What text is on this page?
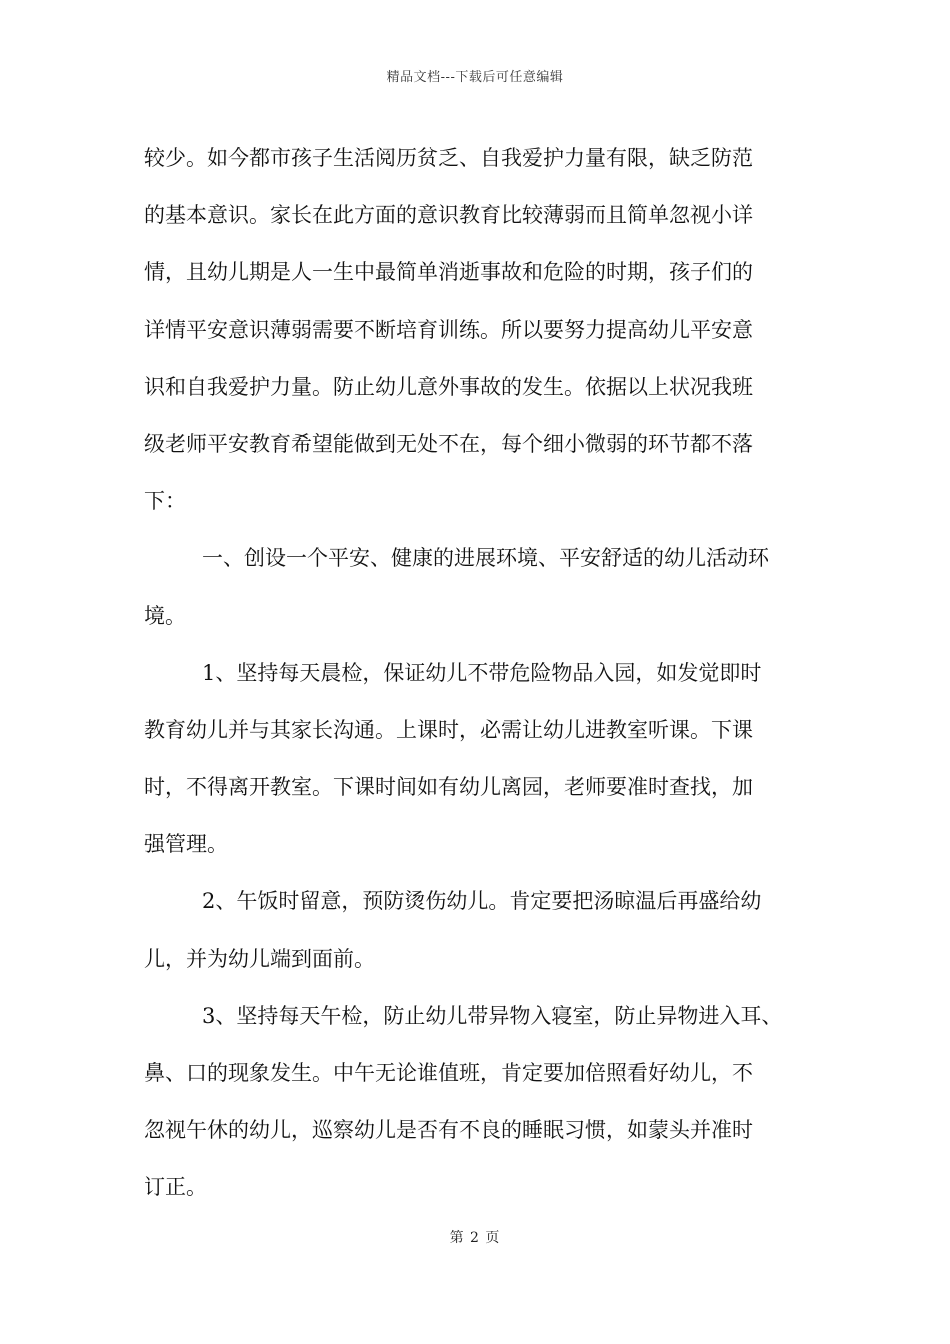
精品文档---下载后可任意编辑
较少。如今都市孩子生活阅历贫乏、自我爱护力量有限，缺乏防范
的基本意识。家长在此方面的意识教育比较薄弱而且简单忽视小详
情，且幼儿期是人一生中最简单消逝事故和危险的时期，孩子们的
详情平安意识薄弱需要不断培育训练。所以要努力提高幼儿平安意
识和自我爱护力量。防止幼儿意外事故的发生。依据以上状况我班
级老师平安教育希望能做到无处不在，每个细小微弱的环节都不落
下：
一、创设一个平安、健康的进展环境、平安舒适的幼儿活动环
境。
1、坚持每天晨检，保证幼儿不带危险物品入园，如发觉即时
教育幼儿并与其家长沟通。上课时，必需让幼儿进教室听课。下课
时，不得离开教室。下课时间如有幼儿离园，老师要准时查找，加
强管理。
2、午饭时留意，预防烫伤幼儿。肯定要把汤晾温后再盛给幼
儿，并为幼儿端到面前。
3、坚持每天午检，防止幼儿带异物入寝室，防止异物进入耳、
鼻、口的现象发生。中午无论谁值班，肯定要加倍照看好幼儿，不
忽视午休的幼儿，巡察幼儿是否有不良的睡眠习惯，如蒙头并准时
订正。
第 2 页
